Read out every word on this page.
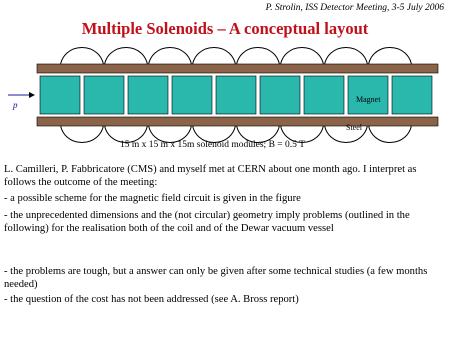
P. Strolin, ISS Detector Meeting, 3-5 July 2006
Multiple Solenoids – A conceptual layout
p
Magnet
Steel
15 m x 15 m x 15m solenoid modules; B = 0.5 T
L. Camilleri, P. Fabbricatore (CMS) and myself met at CERN about one month ago. I interpret as follows the outcome of the meeting:
- a possible scheme for the magnetic field circuit is given in the figure
- the unprecedented dimensions and the (not circular) geometry imply problems (outlined in the following) for the realisation both of the coil and of the Dewar vacuum vessel
- the problems are tough, but a answer can only be given after some technical studies (a few months needed)
- the question of the cost has not been addressed (see A. Bross report)
